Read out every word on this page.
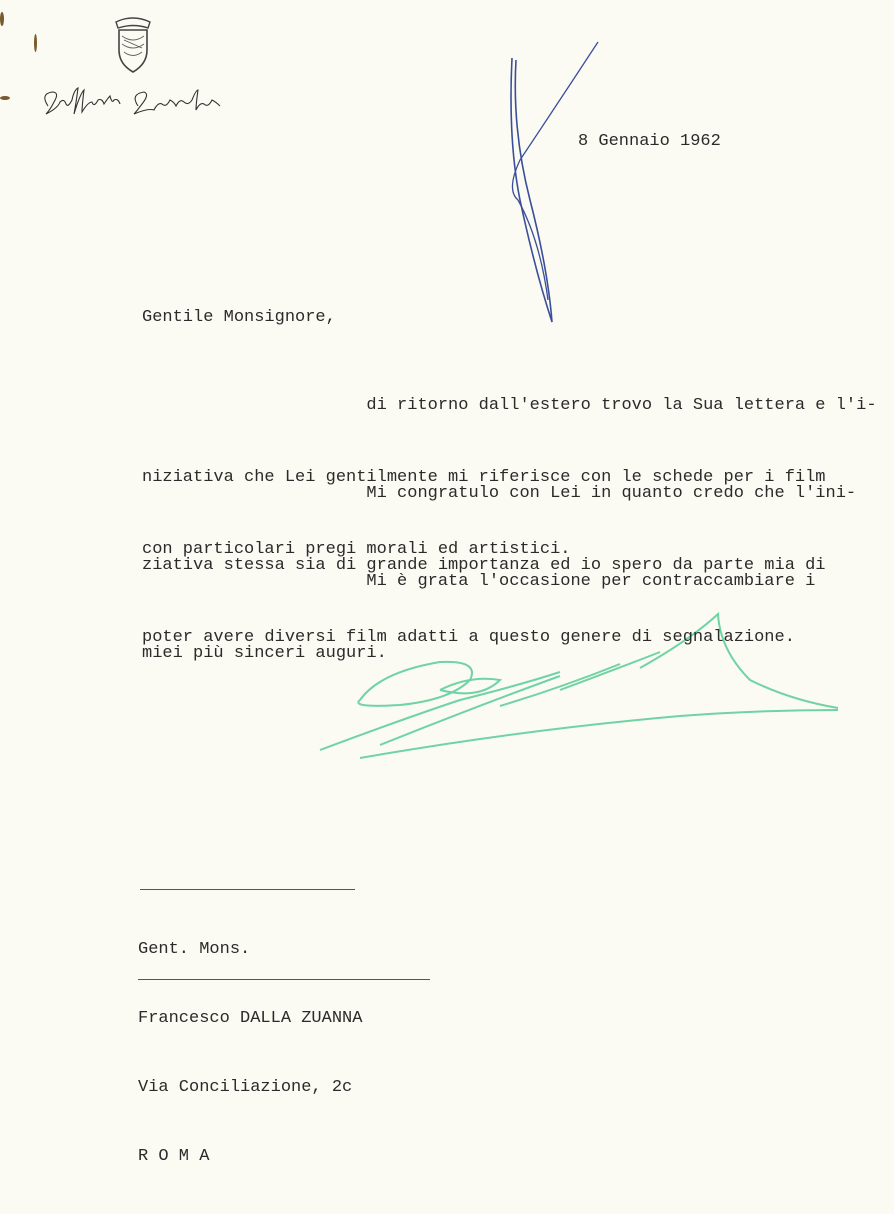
8 Gennaio 1962
Gentile Monsignore,

di ritorno dall'estero trovo la Sua lettera e l'i-

niziativa che Lei gentilmente mi riferisce con le schede per i film

con particolari pregi morali ed artistici.

Mi congratulo con Lei in quanto credo che l'ini-

ziativa stessa sia di grande importanza ed io spero da parte mia di

poter avere diversi film adatti a questo genere di segnalazione.

Mi è grata l'occasione per contraccambiare i

miei più sinceri auguri.

Gent. Mons.

Francesco DALLA ZUANNA

Via Conciliazione, 2c

R O M A
